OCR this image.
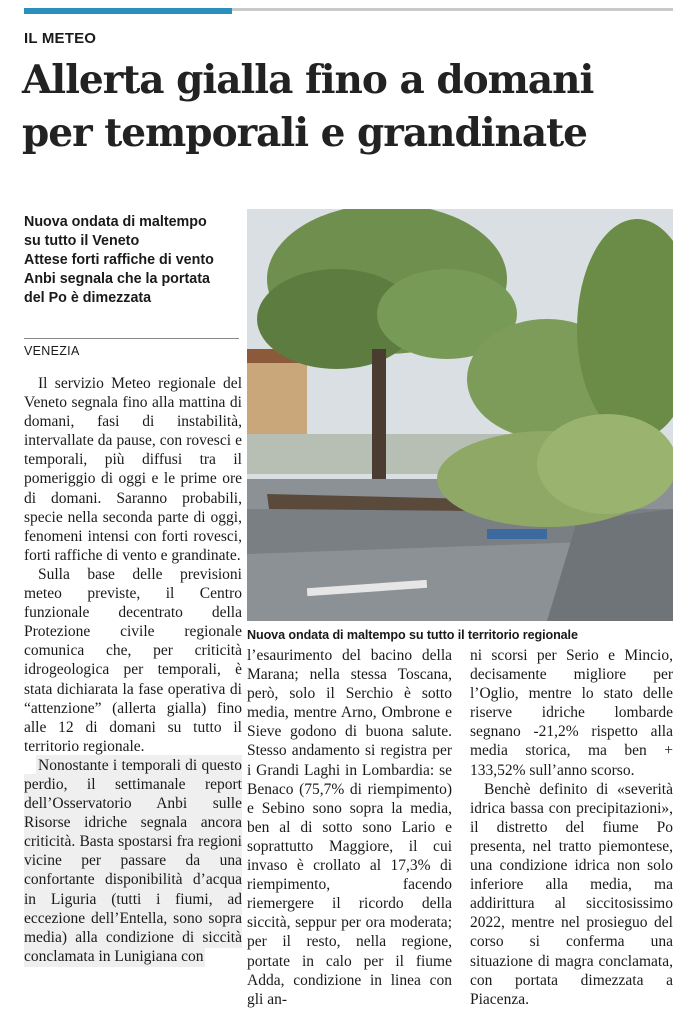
IL METEO
Allerta gialla fino a domani
per temporali e grandinate
Nuova ondata di maltempo
su tutto il Veneto
Attese forti raffiche di vento
Anbi segnala che la portata
del Po è dimezzata
VENEZIA

Il servizio Meteo regionale del Veneto segnala fino alla mattina di domani, fasi di instabilità, intervallate da pause, con rovesci e temporali, più diffusi tra il pomeriggio di oggi e le prime ore di domani. Saranno probabili, specie nella seconda parte di oggi, fenomeni intensi con forti rovesci, forti raffiche di vento e grandinate.

Sulla base delle previsioni meteo previste, il Centro funzionale decentrato della Protezione civile regionale comunica che, per criticità idrogeologica per temporali, è stata dichiarata la fase operativa di “attenzione” (allerta gialla) fino alle 12 di domani su tutto il territorio regionale.

Nonostante i temporali di questo perdio, il settimanale report dell’Osservatorio Anbi sulle Risorse idriche segnala ancora criticità. Basta spostarsi fra regioni vicine per passare da una confortante disponibilità d’acqua in Liguria (tutti i fiumi, ad eccezione dell’Entella, sono sopra media) alla condizione di siccità conclamata in Lunigiana con

Nuova ondata di maltempo su tutto il territorio regionale

l’esaurimento del bacino della Marana; nella stessa Toscana, però, solo il Serchio è sotto media, mentre Arno, Ombrone e Sieve godono di buona salute. Stesso andamento si registra per i Grandi Laghi in Lombardia: se Benaco (75,7% di riempimento) e Sebino sono sopra la media, ben al di sotto sono Lario e soprattutto Maggiore, il cui invaso è crollato al 17,3% di riempimento, facendo riemergere il ricordo della siccità, seppur per ora moderata; per il resto, nella regione, portate in calo per il fiume Adda, condizione in linea con gli an-

ni scorsi per Serio e Mincio, decisamente migliore per l’Oglio, mentre lo stato delle riserve idriche lombarde segnano -21,2% rispetto alla media storica, ma ben + 133,52% sull’anno scorso.

Benchè definito di «severità idrica bassa con precipitazioni», il distretto del fiume Po presenta, nel tratto piemontese, una condizione idrica non solo inferiore alla media, ma addirittura al siccitosissimo 2022, mentre nel prosieguo del corso si conferma una situazione di magra conclamata, con portata dimezzata a Piacenza.
